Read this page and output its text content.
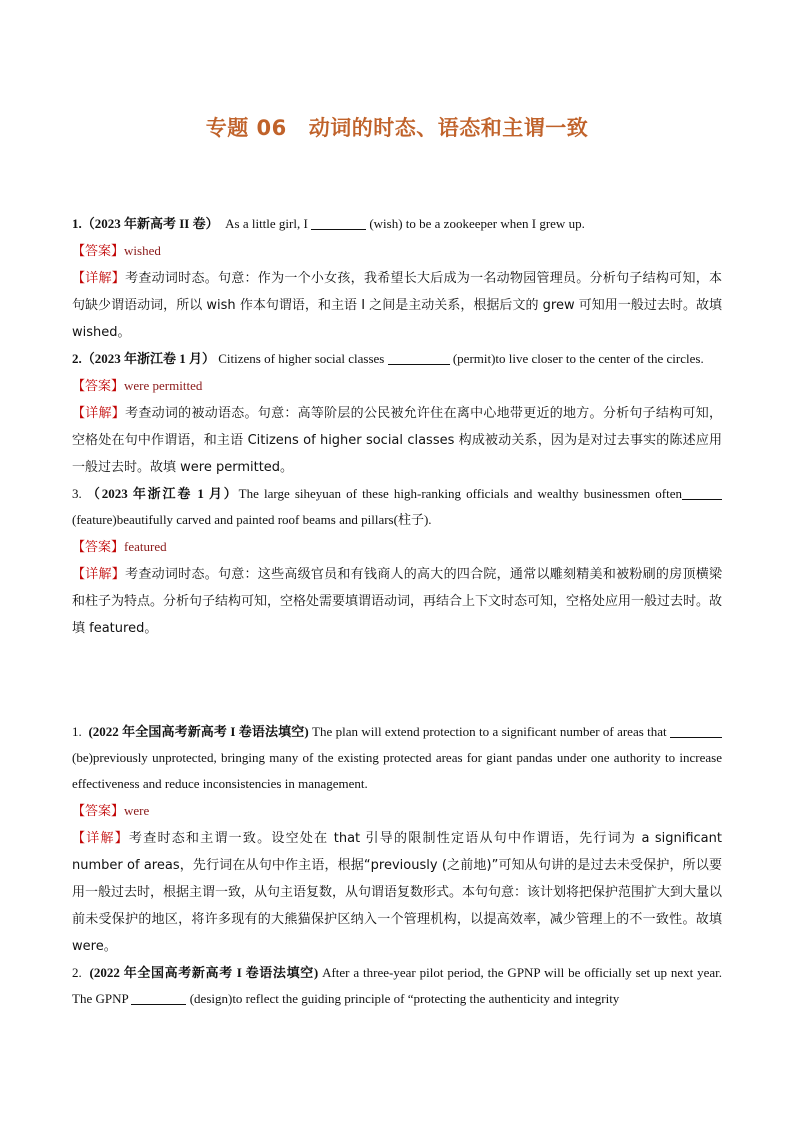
专题 06 动词的时态、语态和主谓一致
1.（2023 年新高考 II 卷） As a little girl, I	(wish) to be a zookeeper when I grew up.
【答案】wished
【详解】考查动词时态。句意：作为一个小女孩，我希望长大后成为一名动物园管理员。分析句子结构可知，本句缺少谓语动词，所以 wish 作本句谓语，和主语 I 之间是主动关系，根据后文的 grew 可知用一般过去时。故填 wished。
2.（2023 年浙江卷 1 月） Citizens of higher social classes	(permit)to live closer to the center of the circles.
【答案】were permitted
【详解】考查动词的被动语态。句意：高等阶层的公民被允许住在离中心地带更近的地方。分析句子结构可知，空格处在句中作谓语，和主语 Citizens of higher social classes 构成被动关系，因为是对过去事实的陈述应用一般过去时。故填 were permitted。
3. （2023 年浙江卷 1 月）The large siheyuan of these high-ranking officials and wealthy businessmen often (feature)beautifully carved and painted roof beams and pillars(柱子).
【答案】featured
【详解】考查动词时态。句意：这些高级官员和有钱商人的高大的四合院，通常以雕刻精美和被粉刷的房顶横梁和柱子为特点。分析句子结构可知，空格处需要填谓语动词，再结合上下文时态可知，空格处应用一般过去时。故填 featured。
1. (2022 年全国高考新高考 I 卷语法填空) The plan will extend protection to a significant number of areas that  (be)previously unprotected, bringing many of the existing protected areas for giant pandas under one authority to increase effectiveness and reduce inconsistencies in management.
【答案】were
【详解】考查时态和主谓一致。设空处在 that 引导的限制性定语从句中作谓语，先行词为 a significant number of areas，先行词在从句中作主语，根据“previously (之前地)”可知从句讲的是过去未受保护，所以要用一般过去时，根据主谓一致，从句主语复数，从句谓语复数形式。本句句意：该计划将把保护范围扩大到大量以前未受保护的地区，将许多现有的大熊猫保护区纳入一个管理机构，以提高效率，减少管理上的不一致性。故填 were。
2. (2022 年全国高考新高考 I 卷语法填空) After a three-year pilot period, the GPNP will be officially set up next year. The GPNP	(design)to reflect the guiding principle of “protecting the authenticity and integrity
